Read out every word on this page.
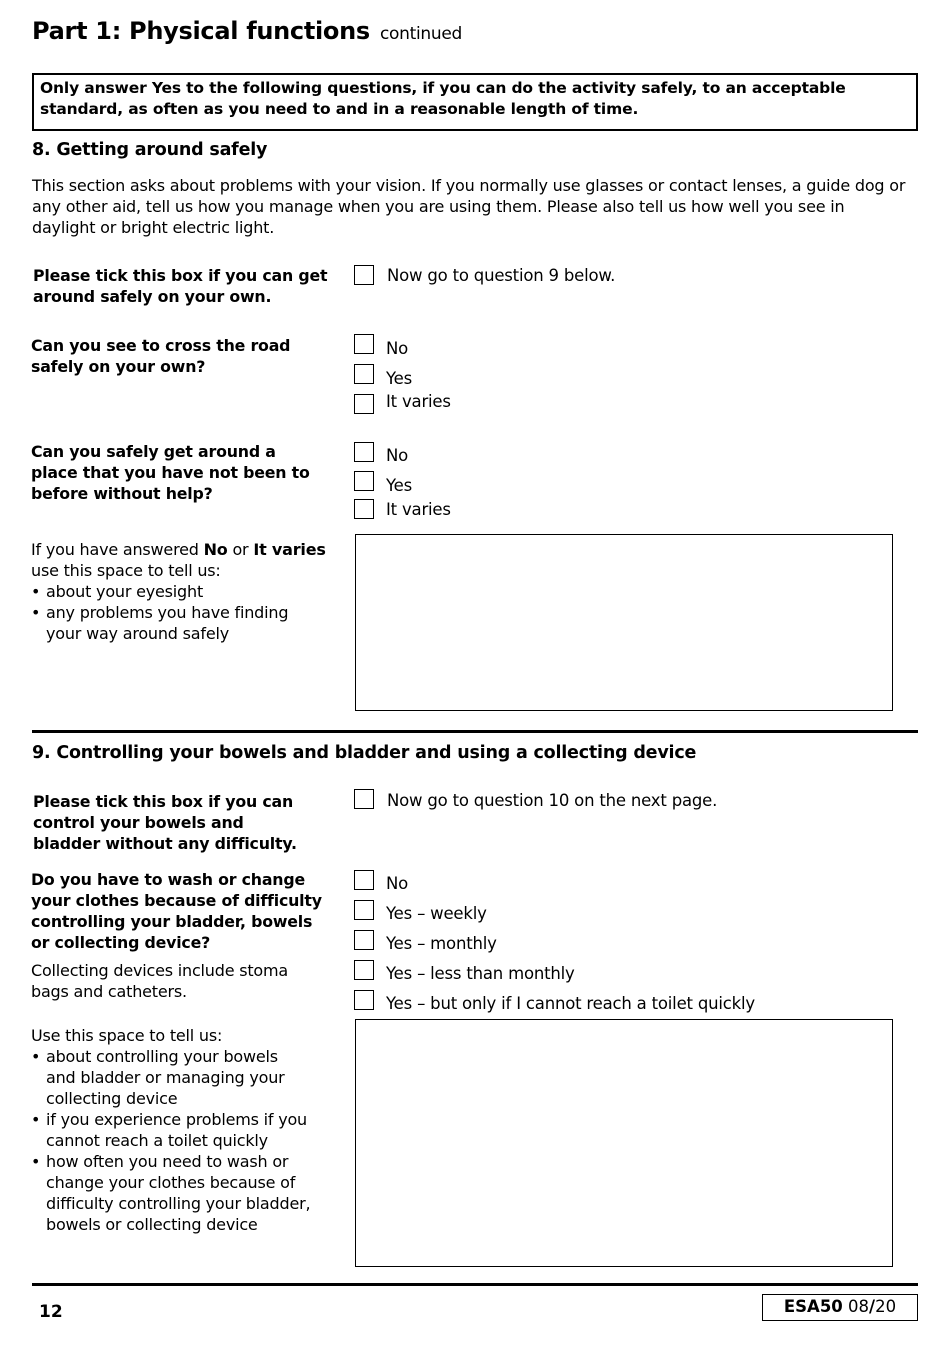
Part 1: Physical functions continued
Only answer Yes to the following questions, if you can do the activity safely, to an acceptable standard, as often as you need to and in a reasonable length of time.
8. Getting around safely
This section asks about problems with your vision. If you normally use glasses or contact lenses, a guide dog or any other aid, tell us how you manage when you are using them. Please also tell us how well you see in daylight or bright electric light.
Please tick this box if you can get around safely on your own.
Now go to question 9 below.
Can you see to cross the road safely on your own?
No
Yes
It varies
Can you safely get around a place that you have not been to before without help?
No
Yes
It varies
If you have answered No or It varies use this space to tell us:
• about your eyesight
• any problems you have finding your way around safely
9. Controlling your bowels and bladder and using a collecting device
Please tick this box if you can control your bowels and bladder without any difficulty.
Now go to question 10 on the next page.
Do you have to wash or change your clothes because of difficulty controlling your bladder, bowels or collecting device?
Collecting devices include stoma bags and catheters.
No
Yes – weekly
Yes – monthly
Yes – less than monthly
Yes – but only if I cannot reach a toilet quickly
Use this space to tell us:
• about controlling your bowels and bladder or managing your collecting device
• if you experience problems if you cannot reach a toilet quickly
• how often you need to wash or change your clothes because of difficulty controlling your bladder, bowels or collecting device
12	ESA50 08/20
